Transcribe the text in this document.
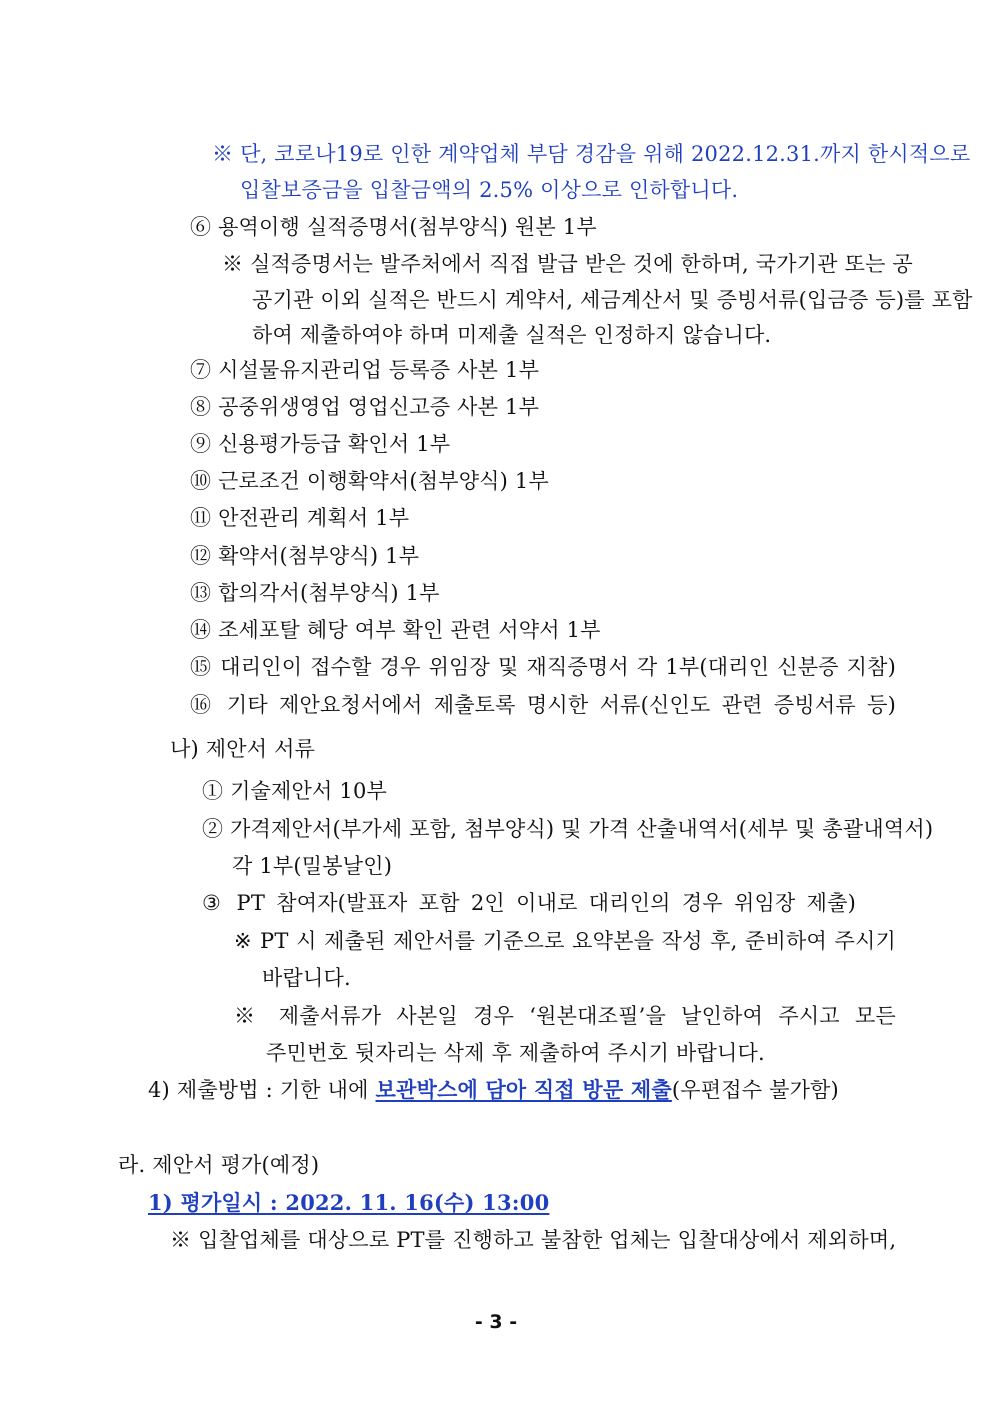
※ 단, 코로나19로 인한 계약업체 부담 경감을 위해 2022.12.31.까지 한시적으로
입찰보증금을 입찰금액의 2.5% 이상으로 인하합니다.
⑥ 용역이행 실적증명서(첨부양식) 원본 1부
※ 실적증명서는 발주처에서 직접 발급 받은 것에 한하며, 국가기관 또는 공
공기관 이외 실적은 반드시 계약서, 세금계산서 및 증빙서류(입금증 등)를 포함
하여 제출하여야 하며 미제출 실적은 인정하지 않습니다.
⑦ 시설물유지관리업 등록증 사본 1부
⑧ 공중위생영업 영업신고증 사본 1부
⑨ 신용평가등급 확인서 1부
⑩ 근로조건 이행확약서(첨부양식) 1부
⑪ 안전관리 계획서 1부
⑫ 확약서(첨부양식) 1부
⑬ 합의각서(첨부양식) 1부
⑭ 조세포탈 혜당 여부 확인 관련 서약서 1부
⑮ 대리인이 접수할 경우 위임장 및 재직증명서 각 1부(대리인 신분증 지참)
⑯ 기타 제안요청서에서 제출토록 명시한 서류(신인도 관련 증빙서류 등)
나) 제안서 서류
① 기술제안서 10부
② 가격제안서(부가세 포함, 첨부양식) 및 가격 산출내역서(세부 및 총괄내역서)
각 1부(밀봉날인)
③ PT 참여자(발표자 포함 2인 이내로 대리인의 경우 위임장 제출)
※ PT 시 제출된 제안서를 기준으로 요약본을 작성 후, 준비하여 주시기
바랍니다.
※ 제출서류가 사본일 경우 ‘원본대조필’을 날인하여 주시고 모든
주민번호 뒷자리는 삭제 후 제출하여 주시기 바랍니다.
4) 제출방법 : 기한 내에 보관박스에 담아 직접 방문 제출(우편접수 불가함)
라. 제안서 평가(예정)
1) 평가일시 : 2022. 11. 16(수) 13:00
※ 입찰업체를 대상으로 PT를 진행하고 불참한 업체는 입찰대상에서 제외하며,
- 3 -
